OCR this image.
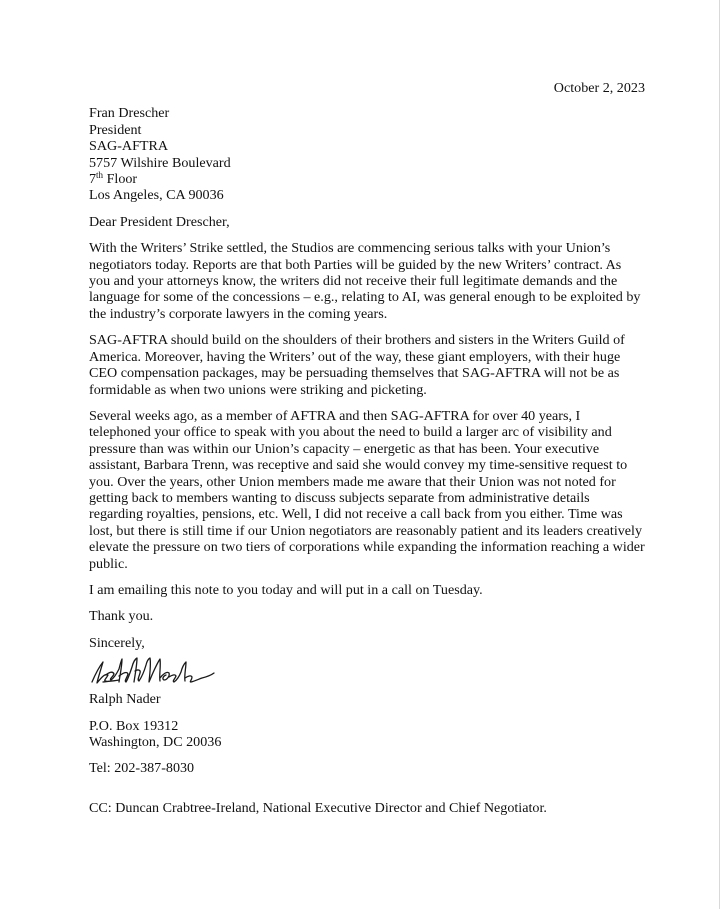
October 2, 2023
Fran Drescher
President
SAG-AFTRA
5757 Wilshire Boulevard
7th Floor
Los Angeles, CA 90036
Dear President Drescher,

With the Writers’ Strike settled, the Studios are commencing serious talks with your Union’s negotiators today. Reports are that both Parties will be guided by the new Writers’ contract. As you and your attorneys know, the writers did not receive their full legitimate demands and the language for some of the concessions – e.g., relating to AI, was general enough to be exploited by the industry’s corporate lawyers in the coming years.

SAG-AFTRA should build on the shoulders of their brothers and sisters in the Writers Guild of America. Moreover, having the Writers’ out of the way, these giant employers, with their huge CEO compensation packages, may be persuading themselves that SAG-AFTRA will not be as formidable as when two unions were striking and picketing.

Several weeks ago, as a member of AFTRA and then SAG-AFTRA for over 40 years, I telephoned your office to speak with you about the need to build a larger arc of visibility and pressure than was within our Union’s capacity – energetic as that has been. Your executive assistant, Barbara Trenn, was receptive and said she would convey my time-sensitive request to you. Over the years, other Union members made me aware that their Union was not noted for getting back to members wanting to discuss subjects separate from administrative details regarding royalties, pensions, etc. Well, I did not receive a call back from you either. Time was lost, but there is still time if our Union negotiators are reasonably patient and its leaders creatively elevate the pressure on two tiers of corporations while expanding the information reaching a wider public.

I am emailing this note to you today and will put in a call on Tuesday.

Thank you.
Sincerely,
Ralph Nader
P.O. Box 19312
Washington, DC 20036
Tel: 202-387-8030
CC: Duncan Crabtree-Ireland, National Executive Director and Chief Negotiator.
